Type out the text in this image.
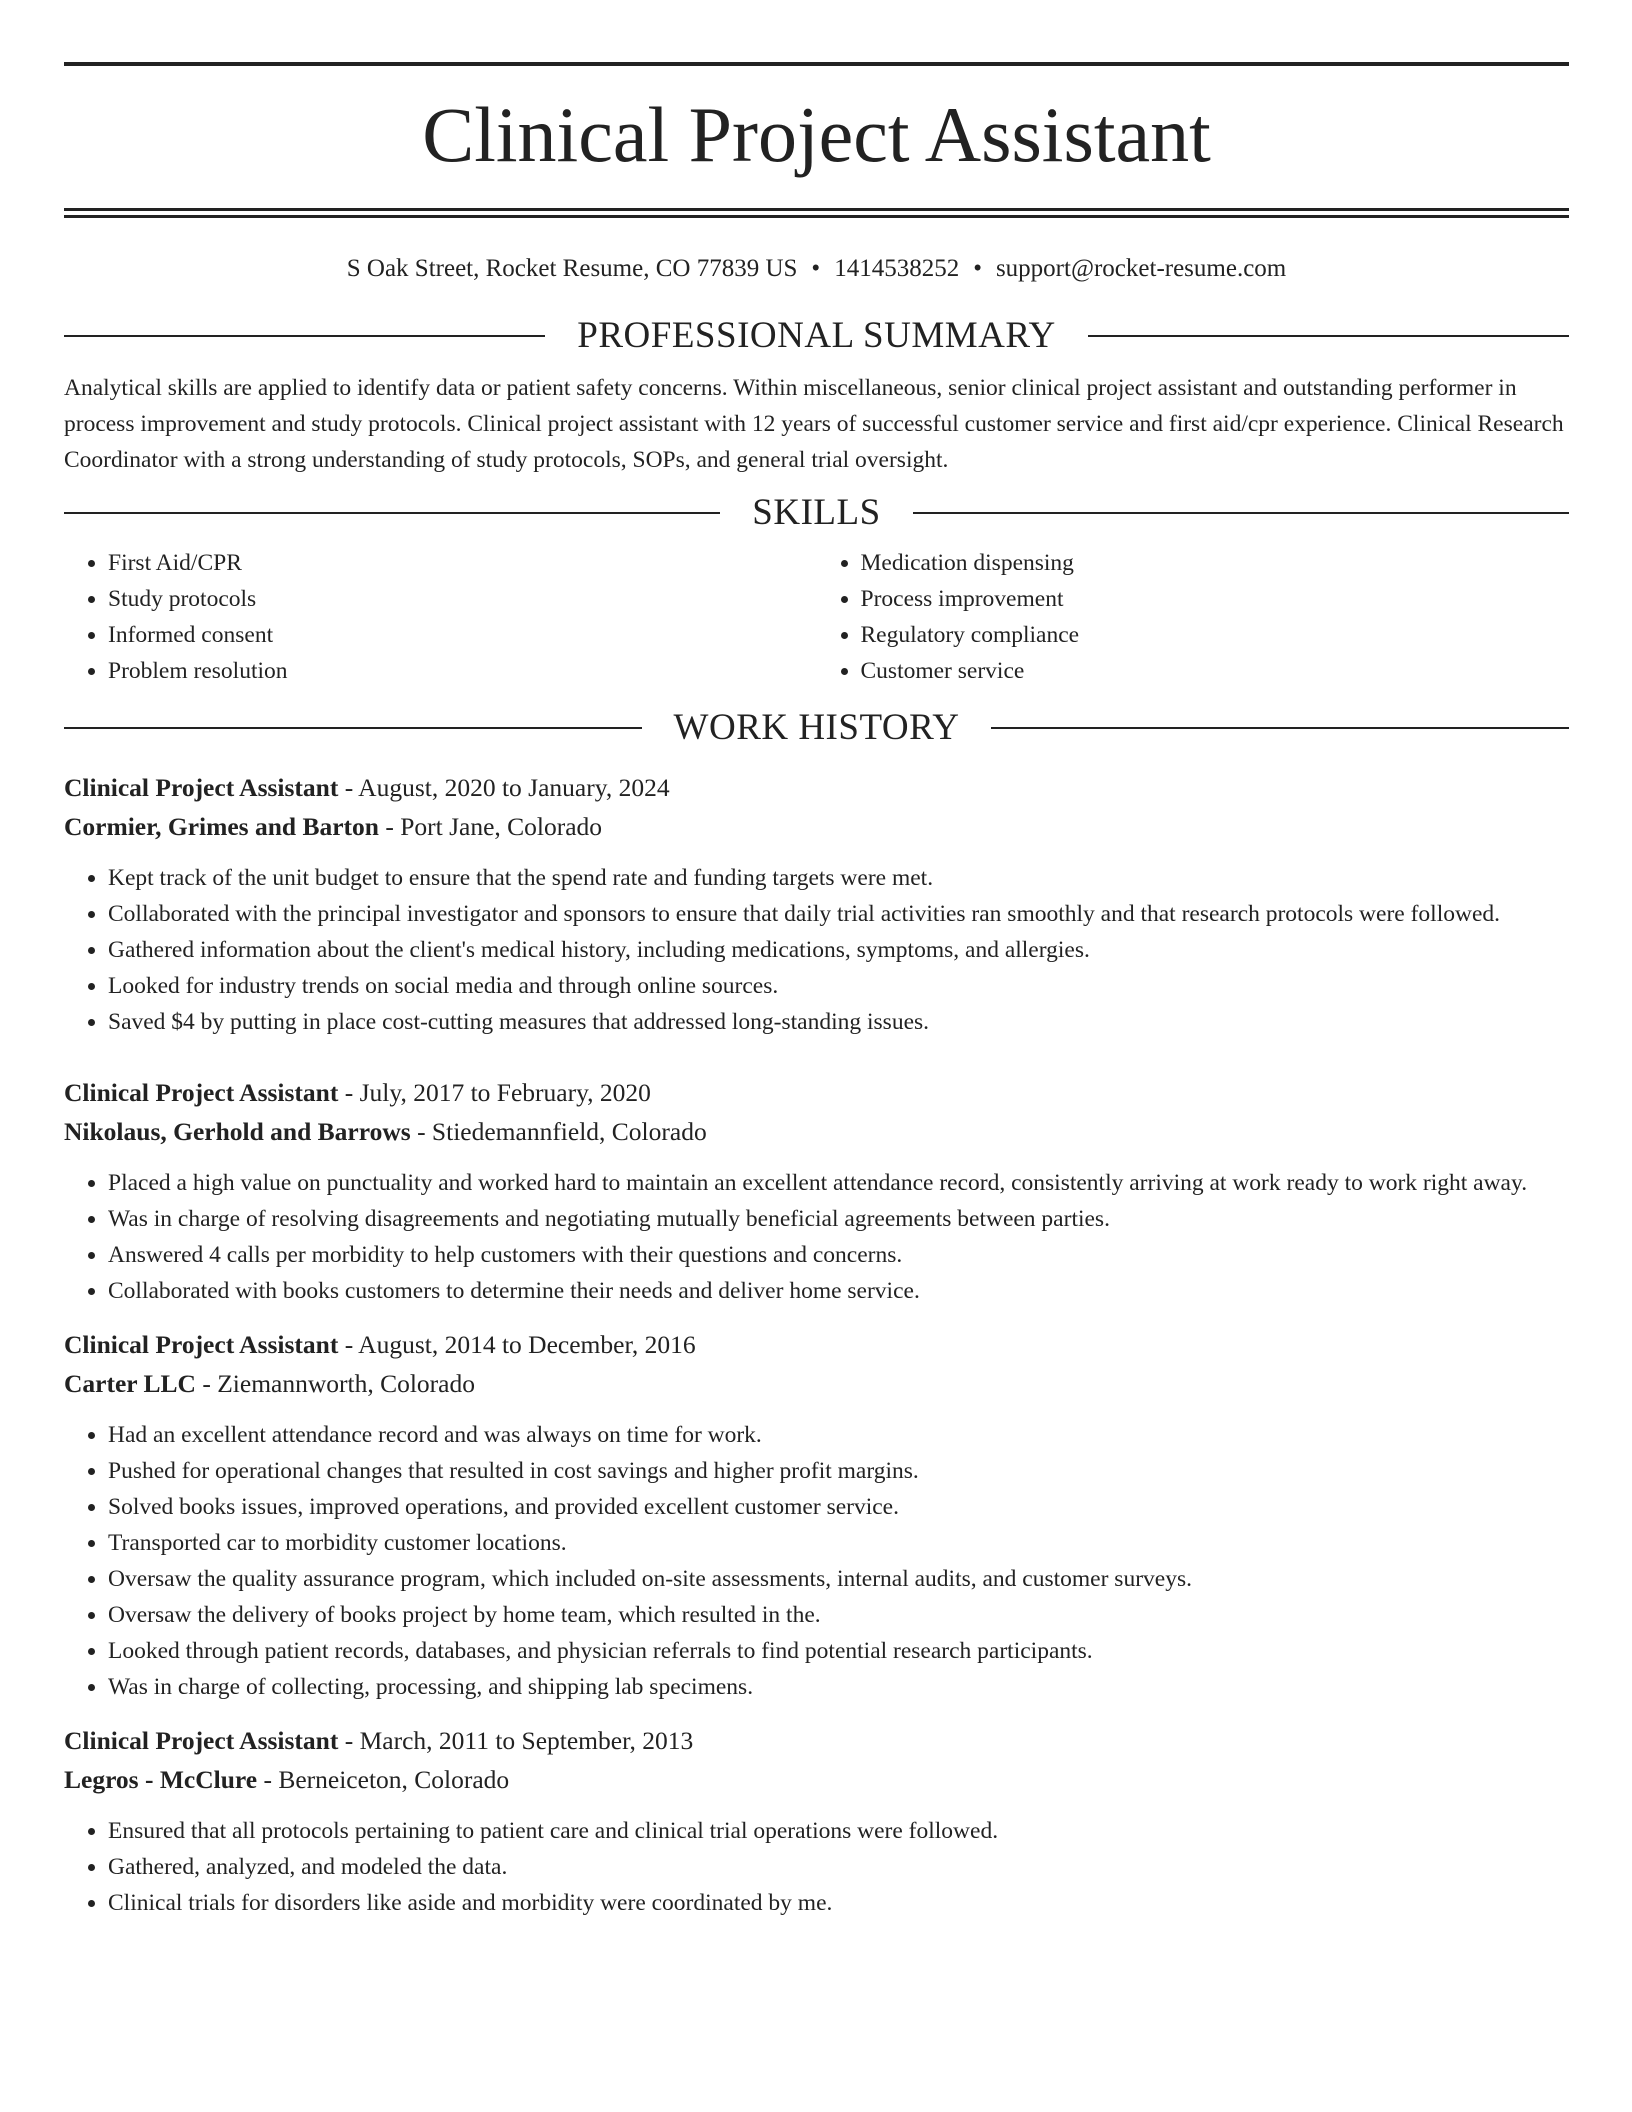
Clinical Project Assistant
S Oak Street, Rocket Resume, CO 77839 US • 1414538252 • support@rocket-resume.com
PROFESSIONAL SUMMARY

Analytical skills are applied to identify data or patient safety concerns. Within miscellaneous, senior clinical project assistant and outstanding performer in process improvement and study protocols. Clinical project assistant with 12 years of successful customer service and first aid/cpr experience. Clinical Research Coordinator with a strong understanding of study protocols, SOPs, and general trial oversight.

SKILLS
• First Aid/CPR
• Study protocols
• Informed consent
• Problem resolution
• Medication dispensing
• Process improvement
• Regulatory compliance
• Customer service
WORK HISTORY
Clinical Project Assistant - August, 2020 to January, 2024
Cormier, Grimes and Barton - Port Jane, Colorado
• Kept track of the unit budget to ensure that the spend rate and funding targets were met.
• Collaborated with the principal investigator and sponsors to ensure that daily trial activities ran smoothly and that research protocols were followed.
• Gathered information about the client's medical history, including medications, symptoms, and allergies.
• Looked for industry trends on social media and through online sources.
• Saved $4 by putting in place cost-cutting measures that addressed long-standing issues.
Clinical Project Assistant - July, 2017 to February, 2020
Nikolaus, Gerhold and Barrows - Stiedemannfield, Colorado
• Placed a high value on punctuality and worked hard to maintain an excellent attendance record, consistently arriving at work ready to work right away.
• Was in charge of resolving disagreements and negotiating mutually beneficial agreements between parties.
• Answered 4 calls per morbidity to help customers with their questions and concerns.
• Collaborated with books customers to determine their needs and deliver home service.
Clinical Project Assistant - August, 2014 to December, 2016
Carter LLC - Ziemannworth, Colorado
• Had an excellent attendance record and was always on time for work.
• Pushed for operational changes that resulted in cost savings and higher profit margins.
• Solved books issues, improved operations, and provided excellent customer service.
• Transported car to morbidity customer locations.
• Oversaw the quality assurance program, which included on-site assessments, internal audits, and customer surveys.
• Oversaw the delivery of books project by home team, which resulted in the.
• Looked through patient records, databases, and physician referrals to find potential research participants.
• Was in charge of collecting, processing, and shipping lab specimens.
Clinical Project Assistant - March, 2011 to September, 2013
Legros - McClure - Berneiceton, Colorado
• Ensured that all protocols pertaining to patient care and clinical trial operations were followed.
• Gathered, analyzed, and modeled the data.
• Clinical trials for disorders like aside and morbidity were coordinated by me.
